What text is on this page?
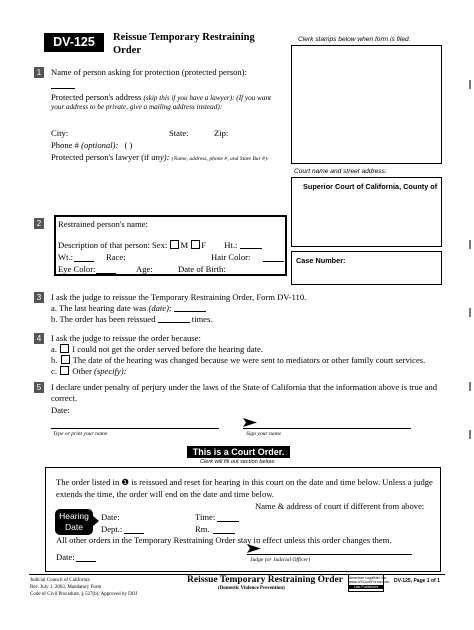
DV-125	Reissue Temporary Restraining
Order
Clerk stamps below when form is filed.
Court name and street address:
Superior Court of California, County of
Case Number:
1	Name of person asking for protection (protected person):
Protected person's address (skip this if you have a lawyer): (If you want
your address to be private, give a mailing address instead):
City:	State:	Zip:
Phone # (optional): ( )
Protected person's lawyer (if any): (Name, address, phone #, and State Bar #):
2	Restrained person's name:
Description of that person: Sex: M F Ht.:
Wt.:	Race:	Hair Color:
Eye Color:	Age:	Date of Birth:
3	I ask the judge to reissue the Temporary Restraining Order, Form DV-110.
a. The last hearing date was (date):
b. The order has been reissued	times.
4	I ask the judge to reissue the order because:
a. I could not get the order served before the hearing date.
b. The date of the hearing was changed because we were sent to mediators or other family court services.
c. Other (specify):
5	I declare under penalty of perjury under the laws of the State of California that the information above is true and
correct.
Date:
Type or print your name	Sign your name
This is a Court Order.
Clerk will fill out section below.
The order listed in ❶ is reissued and reset for hearing in this court on the date and time below. Unless a judge
extends the time, the order will end on the date and time below.
Name & address of court if different from above:
Hearing
Date
Date:	Time:
Dept.:	Rm.
All other orders in the Temporary Restraining Order stay in effect unless this order changes them.
Date:	Judge (or Judicial Officer)
Judicial Council of California
Rev. July 1, 2003, Mandatory Form
Code of Civil Procedure, § 527(b); Approved by DOJ
Reissue Temporary Restraining Order
(Domestic Violence Prevention)
American LegalNet, Inc.
www.USCourtForms.com
Law Publishers
DV-125, Page 1 of 1
